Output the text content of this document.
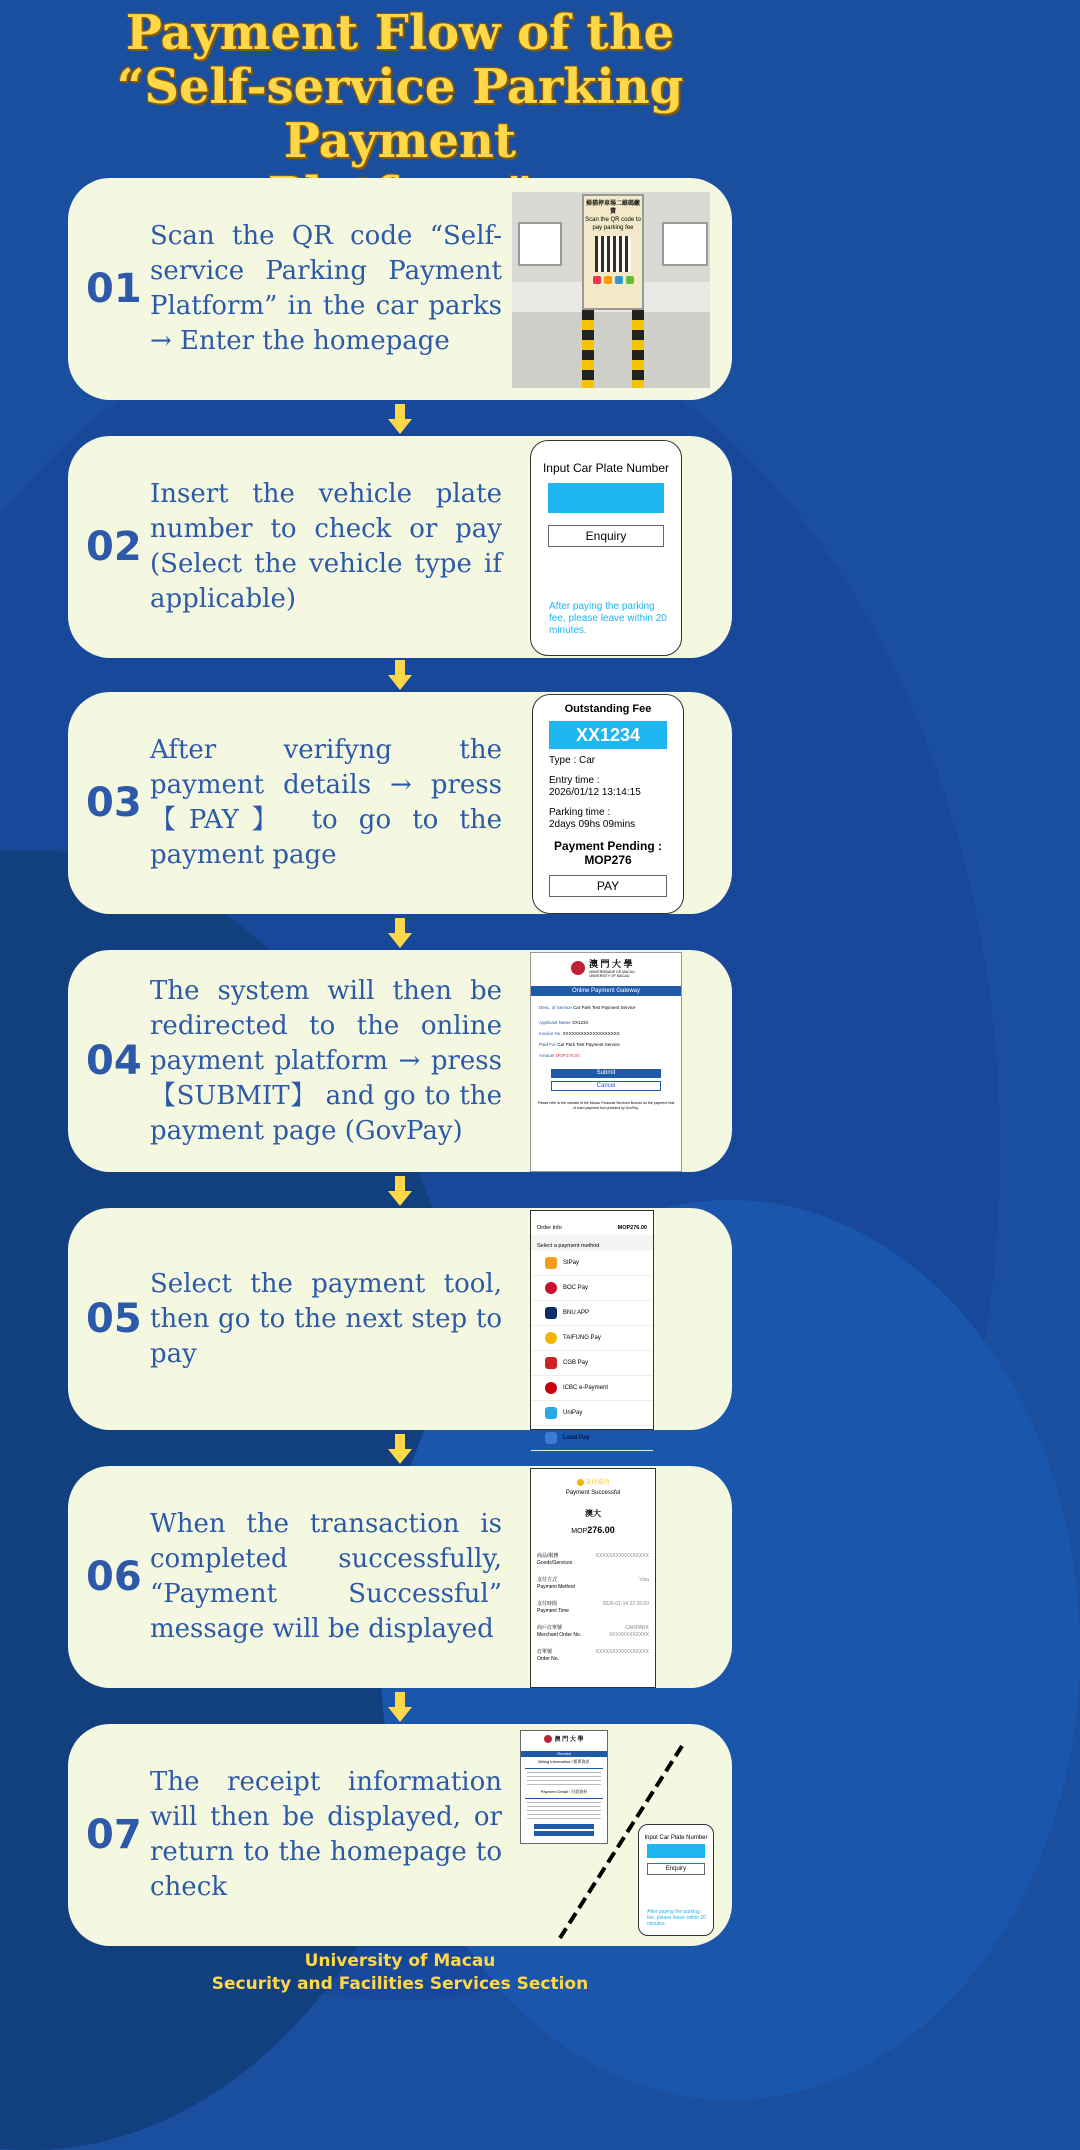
Payment Flow of the
“Self-service Parking Payment
01
Scan the QR code “Self-service Parking Payment Platform” in the car parks → Enter the homepage
掃描停車場二維碼繳費
Scan the QR code to
pay parking fee
02
Insert the vehicle plate number to check or pay (Select the vehicle type if applicable)
Input Car Plate Number
Enquiry
After paying the parking fee, please leave within 20 minutes.
03
After verifyng the payment details → press 【PAY】 to go to the payment page
Outstanding Fee
XX1234
Type : Car
Entry time :
2026/01/12 13:14:15
Parking time :
2days 09hs 09mins
Payment Pending :
MOP276
PAY
04
The system will then be redirected to the online payment platform → press 【SUBMIT】 and go to the payment page (GovPay)
澳 門 大 學
UNIVERSIDADE DE MACAU UNIVERSITY OF MACAU
Online Payment Gateway
Desc. of Service Car Park Test Payment Service
Applicant Name XX1234
Invoice No. XXXXXXXXXXXXXXXXXXX
Paid For Car Park Test Payment Service
Amount MOP276.00
Submit
Cancel
Please refer to the website of the Macau Financial Services Bureau for the payment limit of each payment tool provided by GovPay.
05
Select the payment tool, then go to the next step to pay
Order Info	MOP276.00
Select a payment method
SIPay
BOC Pay
BNU APP
TAIFUNG Pay
CGB Pay
ICBC e-Payment
UniPay
Lusol Pay
06
When the transaction is completed successfully, “Payment Successful” message will be displayed
支付成功
Payment Successful
澳大
MOP276.00
商品/服務
Goods/Services
XXXXXXXXXXXXXXXX
支付方式
Payment Method
Visa
支付時間
Payment Time
2026-01-14 22:16:00
商戶訂單號
Merchant Order No.
CARPARK XXXXXXXXXXXX
訂單號
Order No.
XXXXXXXXXXXXXXXX
07
The receipt information will then be displayed, or return to the homepage to check
澳 門 大 學
Receipt
Billing Information / 帳單資訊
Payment Detail / 付款資料
Input Car Plate Number
Enquiry
After paying the parking fee, please leave within 20 minutes.
University of Macau
Security and Facilities Services Section
